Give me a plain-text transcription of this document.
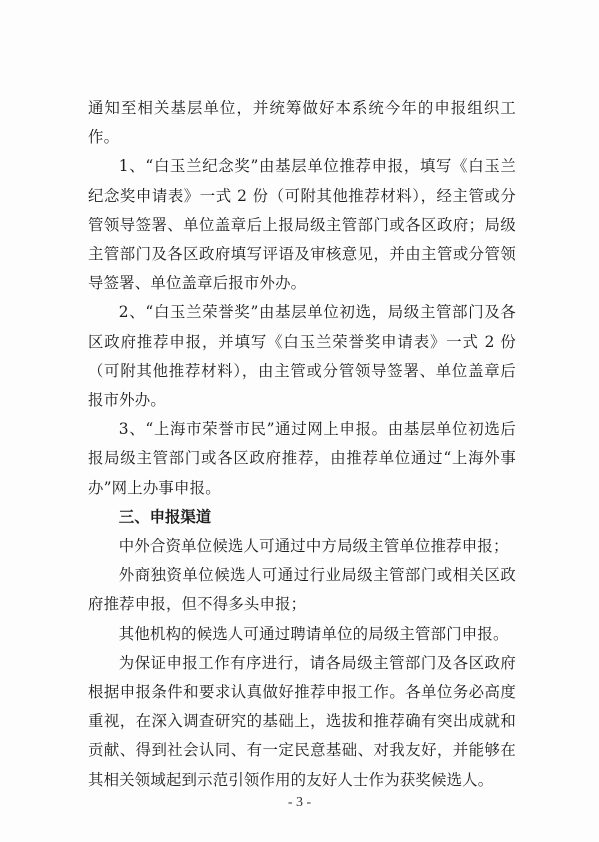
通知至相关基层单位，并统筹做好本系统今年的申报组织工作。

1、“白玉兰纪念奖”由基层单位推荐申报，填写《白玉兰纪念奖申请表》一式 2 份（可附其他推荐材料），经主管或分管领导签署、单位盖章后上报局级主管部门或各区政府；局级主管部门及各区政府填写评语及审核意见，并由主管或分管领导签署、单位盖章后报市外办。

2、“白玉兰荣誉奖”由基层单位初选，局级主管部门及各区政府推荐申报，并填写《白玉兰荣誉奖申请表》一式 2 份（可附其他推荐材料），由主管或分管领导签署、单位盖章后报市外办。

3、“上海市荣誉市民”通过网上申报。由基层单位初选后报局级主管部门或各区政府推荐，由推荐单位通过“上海外事办”网上办事申报。

三、申报渠道

中外合资单位候选人可通过中方局级主管单位推荐申报；

外商独资单位候选人可通过行业局级主管部门或相关区政府推荐申报，但不得多头申报；

其他机构的候选人可通过聘请单位的局级主管部门申报。

为保证申报工作有序进行，请各局级主管部门及各区政府根据申报条件和要求认真做好推荐申报工作。各单位务必高度重视，在深入调查研究的基础上，选拔和推荐确有突出成就和贡献、得到社会认同、有一定民意基础、对我友好，并能够在其相关领域起到示范引领作用的友好人士作为获奖候选人。

- 3 -
